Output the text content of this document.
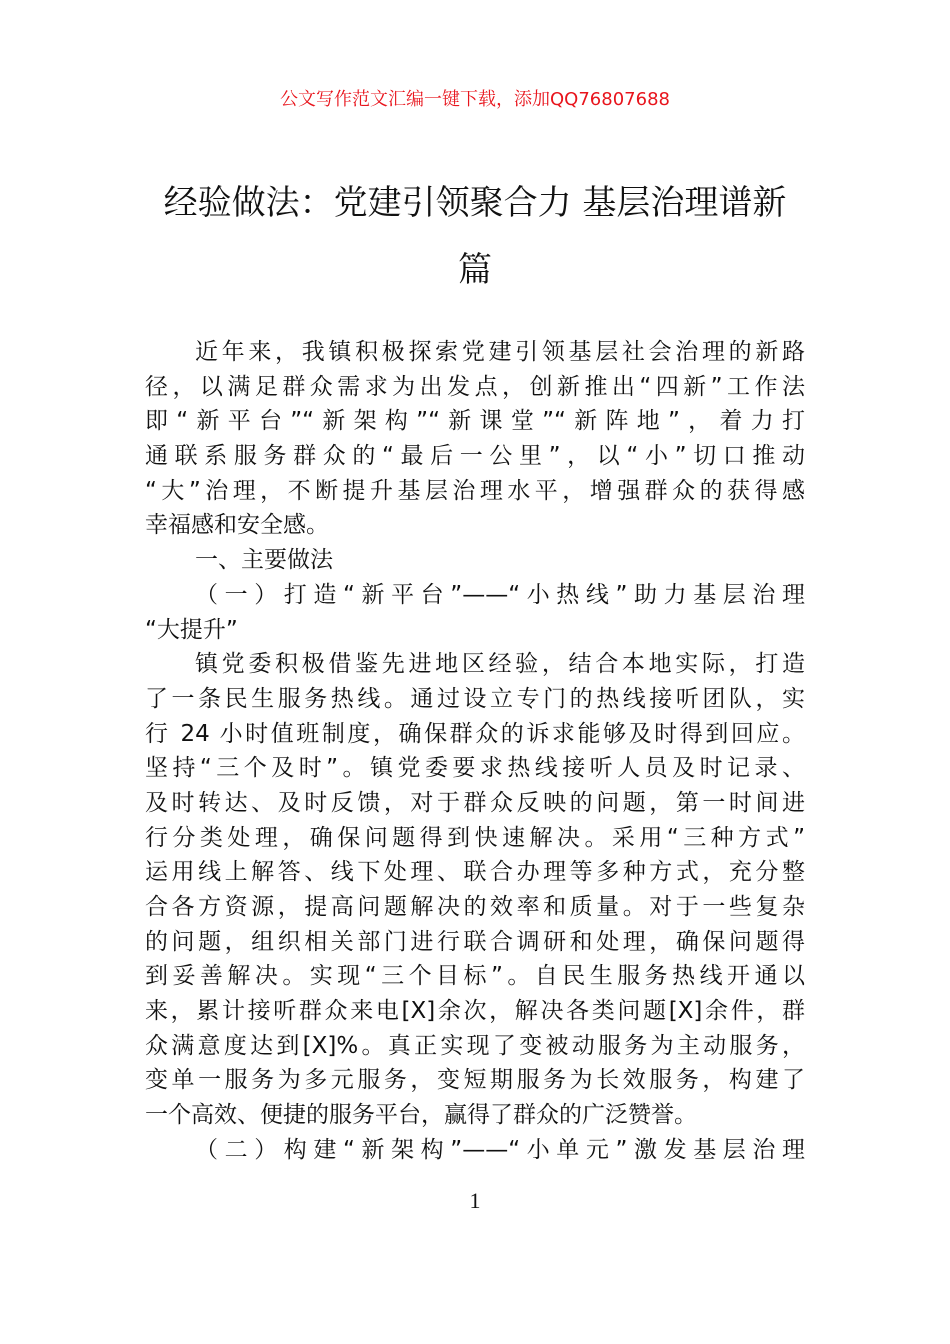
公文写作范文汇编一键下载，添加QQ76807688
经验做法：党建引领聚合力 基层治理谱新
篇
近年来，我镇积极探索党建引领基层社会治理的新路
径，以满足群众需求为出发点，创新推出“四新”工作法
即“新平台”“新架构”“新课堂”“新阵地”，着力打
通联系服务群众的“最后一公里”，以“小”切口推动
“大”治理，不断提升基层治理水平，增强群众的获得感
幸福感和安全感。
一、主要做法
（一）打造“新平台”——“小热线”助力基层治理
“大提升”
镇党委积极借鉴先进地区经验，结合本地实际，打造
了一条民生服务热线。通过设立专门的热线接听团队，实
行 24 小时值班制度，确保群众的诉求能够及时得到回应。
坚持“三个及时”。镇党委要求热线接听人员及时记录、
及时转达、及时反馈，对于群众反映的问题，第一时间进
行分类处理，确保问题得到快速解决。采用“三种方式”
运用线上解答、线下处理、联合办理等多种方式，充分整
合各方资源，提高问题解决的效率和质量。对于一些复杂
的问题，组织相关部门进行联合调研和处理，确保问题得
到妥善解决。实现“三个目标”。自民生服务热线开通以
来，累计接听群众来电[X]余次，解决各类问题[X]余件，群
众满意度达到[X]%。真正实现了变被动服务为主动服务，
变单一服务为多元服务，变短期服务为长效服务，构建了
一个高效、便捷的服务平台，赢得了群众的广泛赞誉。
（二）构建“新架构”——“小单元”激发基层治理
1
